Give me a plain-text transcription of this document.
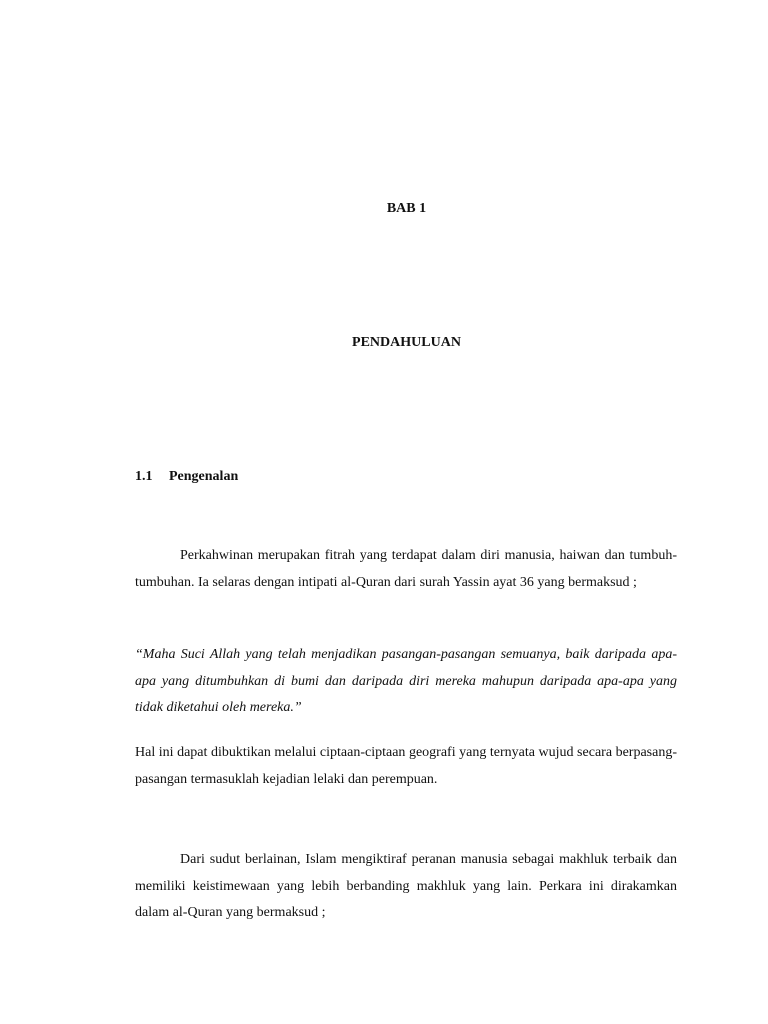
BAB 1
PENDAHULUAN
1.1 Pengenalan

Perkahwinan merupakan fitrah yang terdapat dalam diri manusia, haiwan dan tumbuh-tumbuhan. Ia selaras dengan intipati al-Quran dari surah Yassin ayat 36 yang bermaksud ;

“Maha Suci Allah yang telah menjadikan pasangan-pasangan semuanya, baik daripada apa-apa yang ditumbuhkan di bumi dan daripada diri mereka mahupun daripada apa-apa yang tidak diketahui oleh mereka.”

Hal ini dapat dibuktikan melalui ciptaan-ciptaan geografi yang ternyata wujud secara berpasang-pasangan termasuklah kejadian lelaki dan perempuan.

Dari sudut berlainan, Islam mengiktiraf peranan manusia sebagai makhluk terbaik dan memiliki keistimewaan yang lebih berbanding makhluk yang lain. Perkara ini dirakamkan dalam al-Quran yang bermaksud ;
